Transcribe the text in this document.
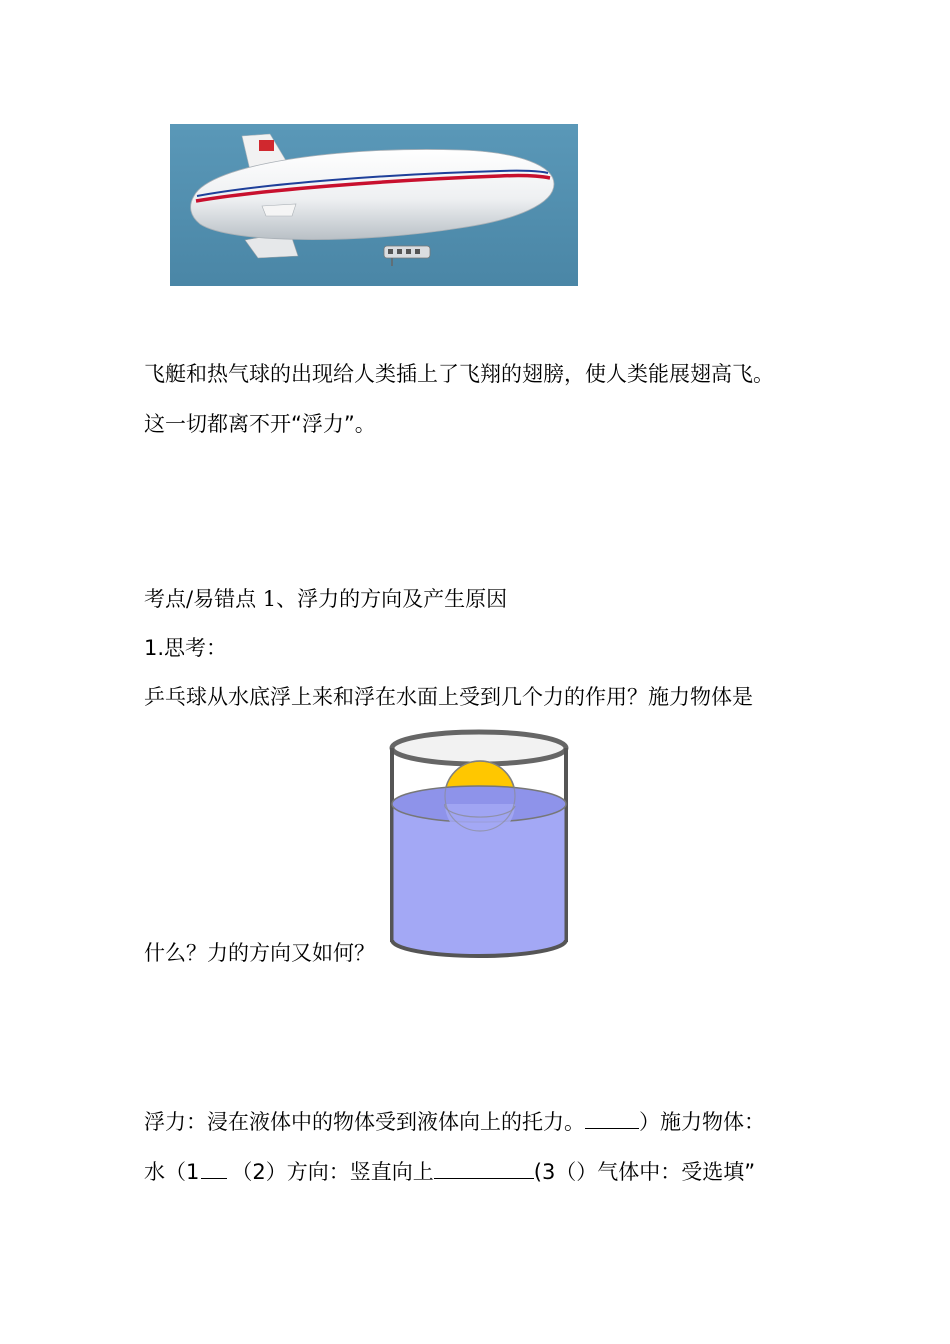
飞艇和热气球的出现给人类插上了飞翔的翅膀，使人类能展翅高飞。
这一切都离不开“浮力”。
考点/易错点 1、浮力的方向及产生原因
1.思考：
乒乓球从水底浮上来和浮在水面上受到几个力的作用？施力物体是
什么？力的方向又如何？
浮力：浸在液体中的物体受到液体向上的托力。	）施力物体：
水（1 （2）方向：竖直向上	(3（）气体中：受选填”
